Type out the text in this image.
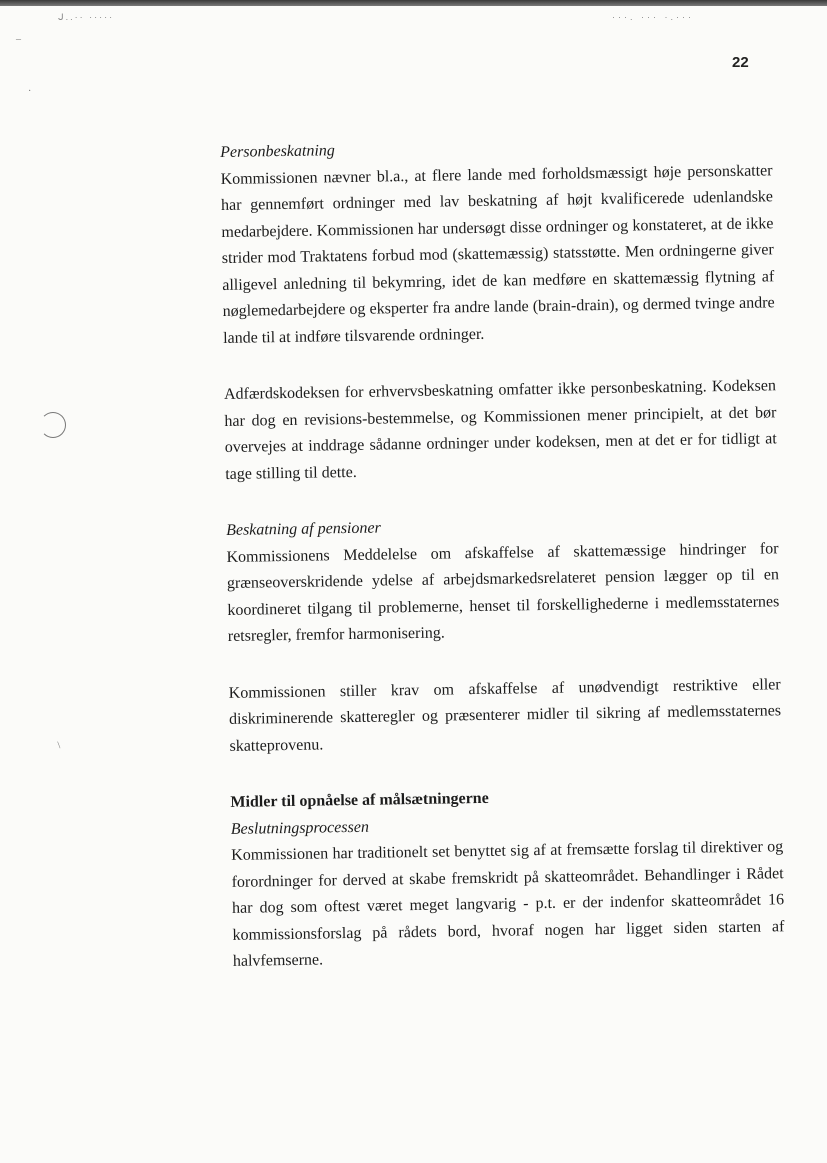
ᒍ..·· ·····	···. ··· ·.···
22
–
·
/

Personbeskatning

Kommissionen nævner bl.a., at flere lande med forholdsmæssigt høje personskatter har gennemført ordninger med lav beskatning af højt kvalificerede udenlandske medarbejdere. Kommissionen har undersøgt disse ordninger og konstateret, at de ikke strider mod Traktatens forbud mod (skattemæssig) statsstøtte. Men ordningerne giver alligevel anledning til bekymring, idet de kan medføre en skattemæssig flytning af nøglemedarbejdere og eksperter fra andre lande (brain-drain), og dermed tvinge andre lande til at indføre tilsvarende ordninger.

Adfærdskodeksen for erhvervsbeskatning omfatter ikke personbeskatning. Kodeksen har dog en revisions-bestemmelse, og Kommissionen mener principielt, at det bør overvejes at inddrage sådanne ordninger under kodeksen, men at det er for tidligt at tage stilling til dette.

Beskatning af pensioner

Kommissionens Meddelelse om afskaffelse af skattemæssige hindringer for grænseoverskridende ydelse af arbejdsmarkedsrelateret pension lægger op til en koordineret tilgang til problemerne, henset til forskellighederne i medlemsstaternes retsregler, fremfor harmonisering.

Kommissionen stiller krav om afskaffelse af unødvendigt restriktive eller diskriminerende skatteregler og præsenterer midler til sikring af medlemsstaternes skatteprovenu.

Midler til opnåelse af målsætningerne

Beslutningsprocessen

Kommissionen har traditionelt set benyttet sig af at fremsætte forslag til direktiver og forordninger for derved at skabe fremskridt på skatteområdet. Behandlinger i Rådet har dog som oftest været meget langvarig - p.t. er der indenfor skatteområdet 16 kommissionsforslag på rådets bord, hvoraf nogen har ligget siden starten af halvfemserne.
